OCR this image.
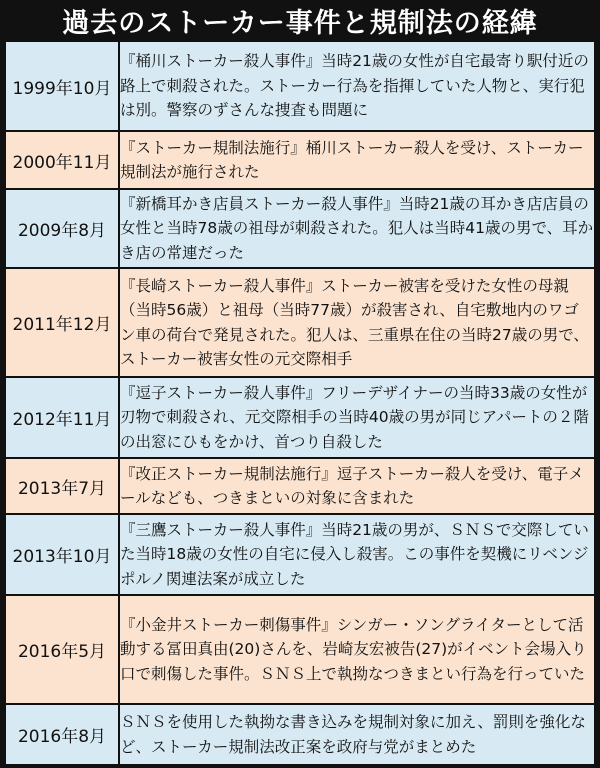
過去のストーカー事件と規制法の経緯
1999年10月	『桶川ストーカー殺人事件』当時21歳の女性が自宅最寄り駅付近の路上で刺殺された。ストーカー行為を指揮していた人物と、実行犯は別。警察のずさんな捜査も問題に
2000年11月	『ストーカー規制法施行』桶川ストーカー殺人を受け、ストーカー規制法が施行された
2009年8月	『新橋耳かき店員ストーカー殺人事件』当時21歳の耳かき店店員の女性と当時78歳の祖母が刺殺された。犯人は当時41歳の男で、耳かき店の常連だった
2011年12月	『長崎ストーカー殺人事件』ストーカー被害を受けた女性の母親（当時56歳）と祖母（当時77歳）が殺害され、自宅敷地内のワゴン車の荷台で発見された。犯人は、三重県在住の当時27歳の男で、ストーカー被害女性の元交際相手
2012年11月	『逗子ストーカー殺人事件』フリーデザイナーの当時33歳の女性が刃物で刺殺され、元交際相手の当時40歳の男が同じアパートの２階の出窓にひもをかけ、首つり自殺した
2013年7月	『改正ストーカー規制法施行』逗子ストーカー殺人を受け、電子メールなども、つきまといの対象に含まれた
2013年10月	『三鷹ストーカー殺人事件』当時21歳の男が、ＳＮＳで交際していた当時18歳の女性の自宅に侵入し殺害。この事件を契機にリベンジポルノ関連法案が成立した
2016年5月	『小金井ストーカー刺傷事件』シンガー・ソングライターとして活動する冨田真由(20)さんを、岩崎友宏被告(27)がイベント会場入り口で刺傷した事件。ＳＮＳ上で執拗なつきまとい行為を行っていた
2016年8月	ＳＮＳを使用した執拗な書き込みを規制対象に加え、罰則を強化など、ストーカー規制法改正案を政府与党がまとめた
